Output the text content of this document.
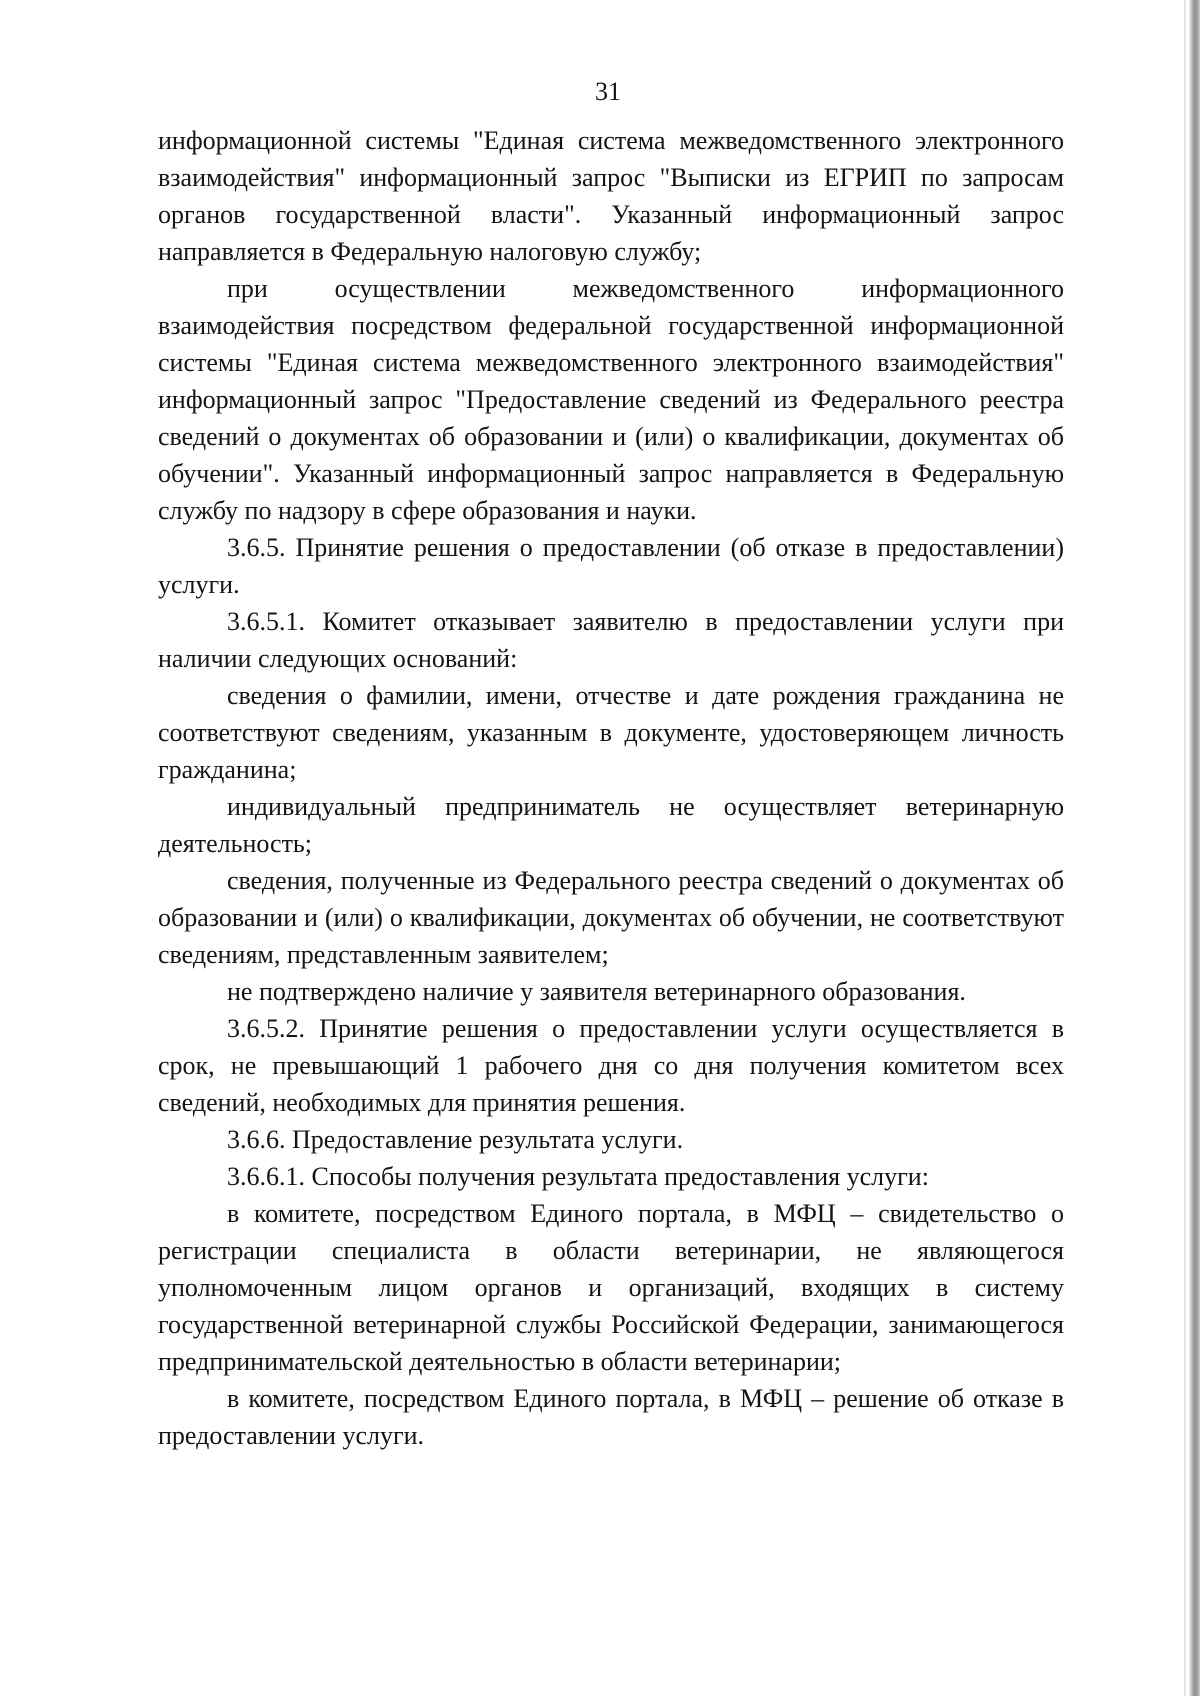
31

информационной системы "Единая система межведомственного электронного взаимодействия" информационный запрос "Выписки из ЕГРИП по запросам органов государственной власти". Указанный информационный запрос направляется в Федеральную налоговую службу;

при осуществлении межведомственного информационного взаимодействия посредством федеральной государственной информационной системы "Единая система межведомственного электронного взаимодействия" информационный запрос "Предоставление сведений из Федерального реестра сведений о документах об образовании и (или) о квалификации, документах об обучении". Указанный информационный запрос направляется в Федеральную службу по надзору в сфере образования и науки.

3.6.5. Принятие решения о предоставлении (об отказе в предоставлении) услуги.

3.6.5.1. Комитет отказывает заявителю в предоставлении услуги при наличии следующих оснований:

сведения о фамилии, имени, отчестве и дате рождения гражданина не соответствуют сведениям, указанным в документе, удостоверяющем личность гражданина;

индивидуальный предприниматель не осуществляет ветеринарную деятельность;

сведения, полученные из Федерального реестра сведений о документах об образовании и (или) о квалификации, документах об обучении, не соответствуют сведениям, представленным заявителем;

не подтверждено наличие у заявителя ветеринарного образования.

3.6.5.2. Принятие решения о предоставлении услуги осуществляется в срок, не превышающий 1 рабочего дня со дня получения комитетом всех сведений, необходимых для принятия решения.

3.6.6. Предоставление результата услуги.

3.6.6.1. Способы получения результата предоставления услуги:

в комитете, посредством Единого портала, в МФЦ – свидетельство о регистрации специалиста в области ветеринарии, не являющегося уполномоченным лицом органов и организаций, входящих в систему государственной ветеринарной службы Российской Федерации, занимающегося предпринимательской деятельностью в области ветеринарии;

в комитете, посредством Единого портала, в МФЦ – решение об отказе в предоставлении услуги.
